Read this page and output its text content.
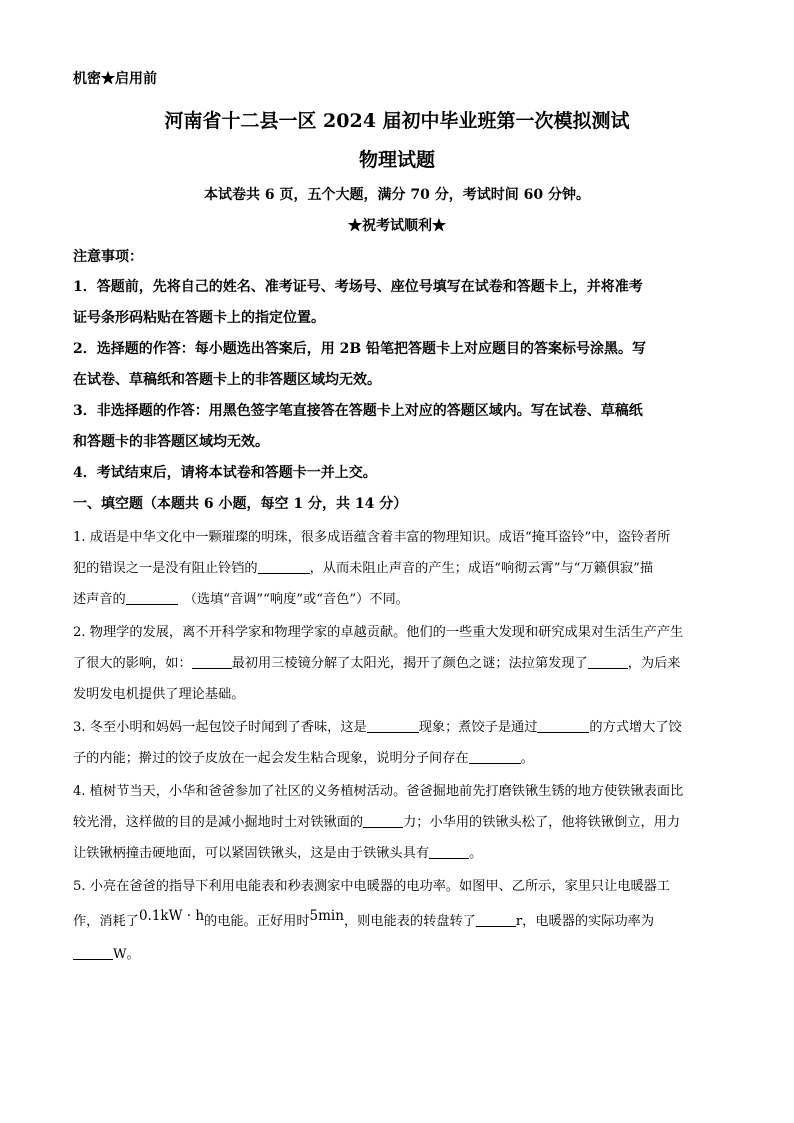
机密★启用前
河南省十二县一区 2024 届初中毕业班第一次模拟测试
物理试题
本试卷共 6 页，五个大题，满分 70 分，考试时间 60 分钟。
★祝考试顺利★
注意事项：
1．答题前，先将自己的姓名、准考证号、考场号、座位号填写在试卷和答题卡上，并将准考
证号条形码粘贴在答题卡上的指定位置。
2．选择题的作答：每小题选出答案后，用 2B 铅笔把答题卡上对应题目的答案标号涂黑。写
在试卷、草稿纸和答题卡上的非答题区域均无效。
3．非选择题的作答：用黑色签字笔直接答在答题卡上对应的答题区域内。写在试卷、草稿纸
和答题卡的非答题区域均无效。
4．考试结束后，请将本试卷和答题卡一并上交。
一、填空题（本题共 6 小题，每空 1 分，共 14 分）
1. 成语是中华文化中一颗璀璨的明珠，很多成语蕴含着丰富的物理知识。成语“掩耳盗铃”中，盗铃者所
犯的错误之一是没有阻止铃铛的	，从而未阻止声音的产生；成语“响彻云霄”与“万籁俱寂”描
述声音的	（选填“音调”“响度”或“音色”）不同。
2. 物理学的发展，离不开科学家和物理学家的卓越贡献。他们的一些重大发现和研究成果对生活生产产生
了很大的影响，如：	最初用三棱镜分解了太阳光，揭开了颜色之谜；法拉第发现了	，为后来
发明发电机提供了理论基础。
3. 冬至小明和妈妈一起包饺子时闻到了香味，这是	现象；煮饺子是通过	的方式增大了饺
子的内能；擀过的饺子皮放在一起会发生粘合现象，说明分子间存在	。
4. 植树节当天，小华和爸爸参加了社区的义务植树活动。爸爸掘地前先打磨铁锹生锈的地方使铁锹表面比
较光滑，这样做的目的是减小掘地时土对铁锹面的	力；小华用的铁锹头松了，他将铁锹倒立，用力
让铁锹柄撞击硬地面，可以紧固铁锹头，这是由于铁锹头具有	。
5. 小亮在爸爸的指导下利用电能表和秒表测家中电暖器的电功率。如图甲、乙所示，家里只让电暖器工
作，消耗了0.1kW · h的电能。正好用时5min，则电能表的转盘转了	r，电暖器的实际功率为
W。
